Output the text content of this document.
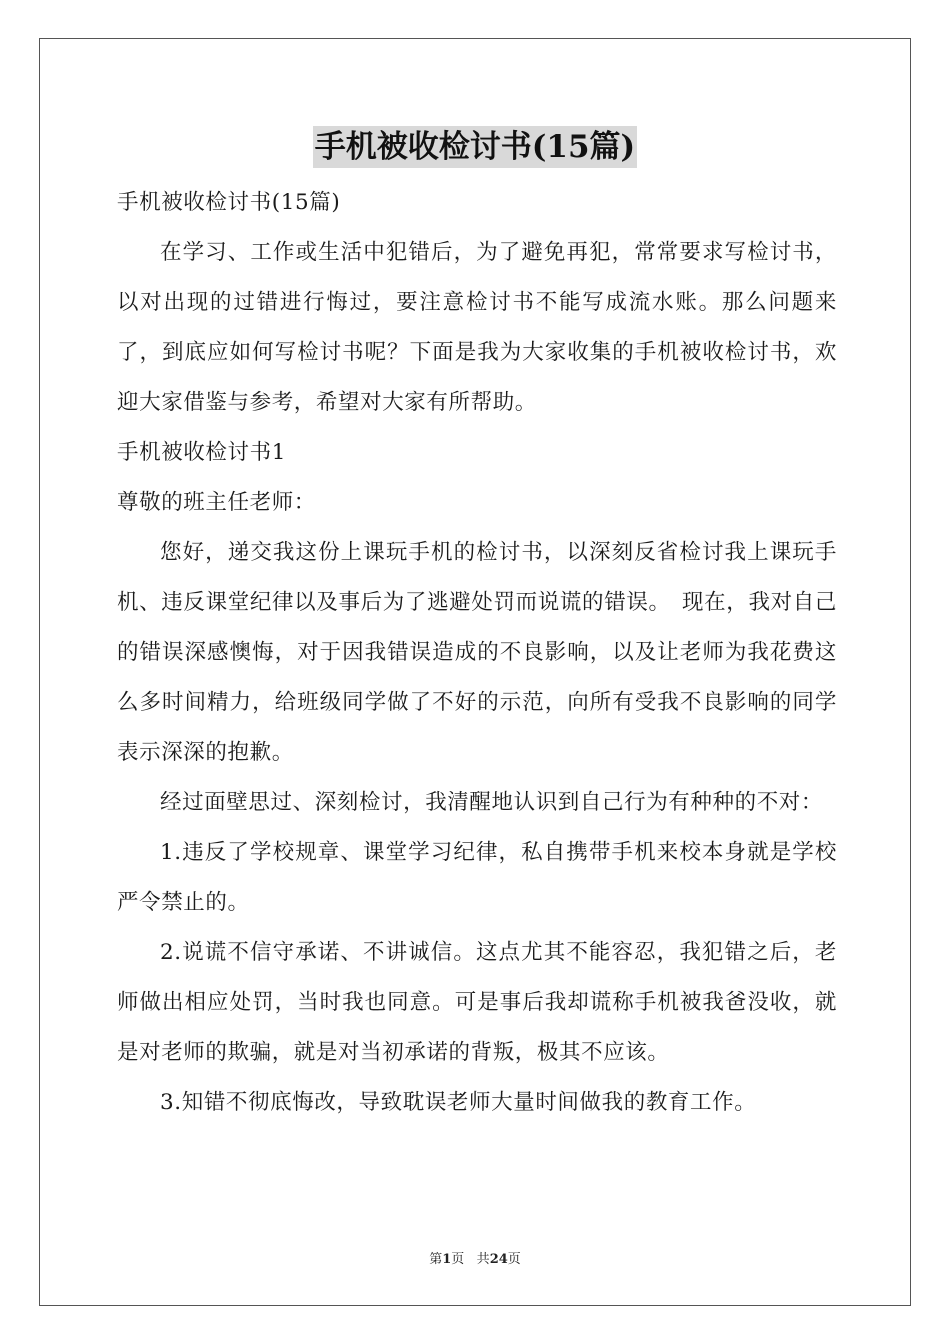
手机被收检讨书(15篇)

手机被收检讨书(15篇)

在学习、工作或生活中犯错后，为了避免再犯，常常要求写检讨书，以对出现的过错进行悔过，要注意检讨书不能写成流水账。那么问题来了，到底应如何写检讨书呢？下面是我为大家收集的手机被收检讨书，欢迎大家借鉴与参考，希望对大家有所帮助。

手机被收检讨书1

尊敬的班主任老师：

您好，递交我这份上课玩手机的检讨书，以深刻反省检讨我上课玩手机、违反课堂纪律以及事后为了逃避处罚而说谎的错误。　现在，我对自己的错误深感懊悔，对于因我错误造成的不良影响，以及让老师为我花费这么多时间精力，给班级同学做了不好的示范，向所有受我不良影响的同学表示深深的抱歉。

经过面壁思过、深刻检讨，我清醒地认识到自己行为有种种的不对：

1.违反了学校规章、课堂学习纪律，私自携带手机来校本身就是学校严令禁止的。

2.说谎不信守承诺、不讲诚信。这点尤其不能容忍，我犯错之后，老师做出相应处罚，当时我也同意。可是事后我却谎称手机被我爸没收，就是对老师的欺骗，就是对当初承诺的背叛，极其不应该。

3.知错不彻底悔改，导致耽误老师大量时间做我的教育工作。

第1页 共24页
